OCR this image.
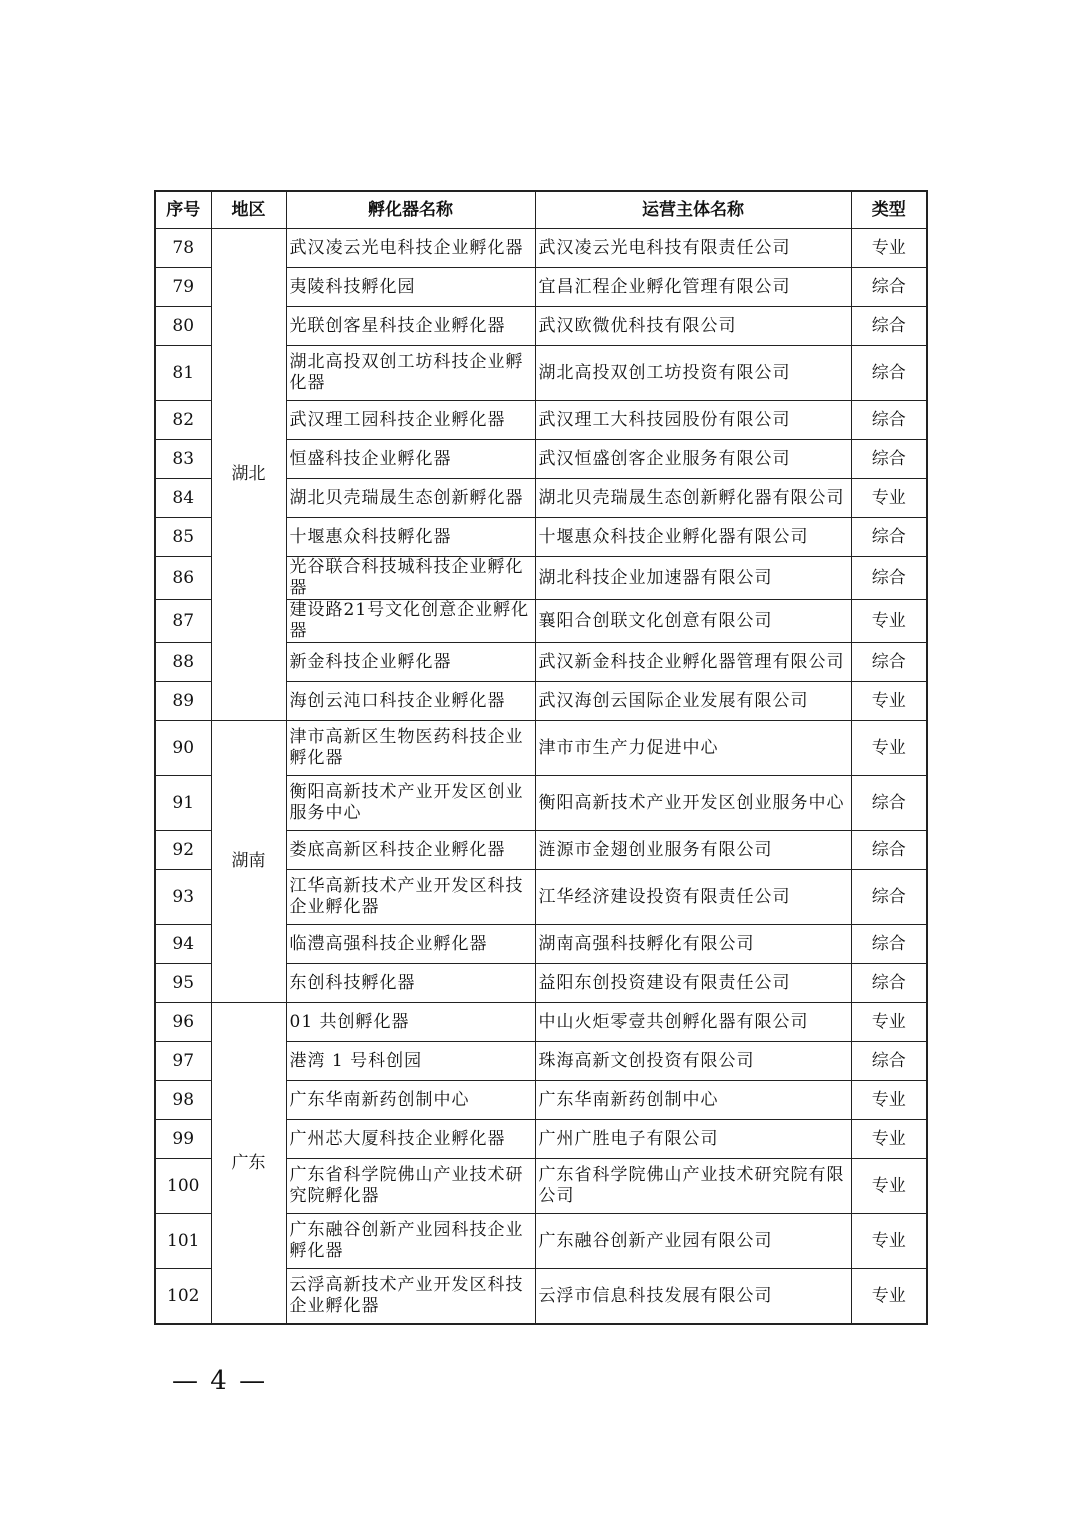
序号	地区	孵化器名称	运营主体名称	类型
78	湖北	武汉凌云光电科技企业孵化器	武汉凌云光电科技有限责任公司	专业
79		夷陵科技孵化园	宜昌汇程企业孵化管理有限公司	综合
80		光联创客星科技企业孵化器	武汉欧微优科技有限公司	综合
81		湖北高投双创工坊科技企业孵化器	湖北高投双创工坊投资有限公司	综合
82		武汉理工园科技企业孵化器	武汉理工大科技园股份有限公司	综合
83		恒盛科技企业孵化器	武汉恒盛创客企业服务有限公司	综合
84		湖北贝壳瑞晟生态创新孵化器	湖北贝壳瑞晟生态创新孵化器有限公司	专业
85		十堰惠众科技孵化器	十堰惠众科技企业孵化器有限公司	综合
86		光谷联合科技城科技企业孵化器	湖北科技企业加速器有限公司	综合
87		建设路21号文化创意企业孵化器	襄阳合创联文化创意有限公司	专业
88		新金科技企业孵化器	武汉新金科技企业孵化器管理有限公司	综合
89		海创云沌口科技企业孵化器	武汉海创云国际企业发展有限公司	专业
90	湖南	津市高新区生物医药科技企业孵化器	津市市生产力促进中心	专业
91		衡阳高新技术产业开发区创业服务中心	衡阳高新技术产业开发区创业服务中心	综合
92		娄底高新区科技企业孵化器	涟源市金翅创业服务有限公司	综合
93		江华高新技术产业开发区科技企业孵化器	江华经济建设投资有限责任公司	综合
94		临澧高强科技企业孵化器	湖南高强科技孵化有限公司	综合
95		东创科技孵化器	益阳东创投资建设有限责任公司	综合
96	广东	01 共创孵化器	中山火炬零壹共创孵化器有限公司	专业
97		港湾 1 号科创园	珠海高新文创投资有限公司	综合
98		广东华南新药创制中心	广东华南新药创制中心	专业
99		广州芯大厦科技企业孵化器	广州广胜电子有限公司	专业
100		广东省科学院佛山产业技术研究院孵化器	广东省科学院佛山产业技术研究院有限公司	专业
101		广东融谷创新产业园科技企业孵化器	广东融谷创新产业园有限公司	专业
102		云浮高新技术产业开发区科技企业孵化器	云浮市信息科技发展有限公司	专业
— 4 —
